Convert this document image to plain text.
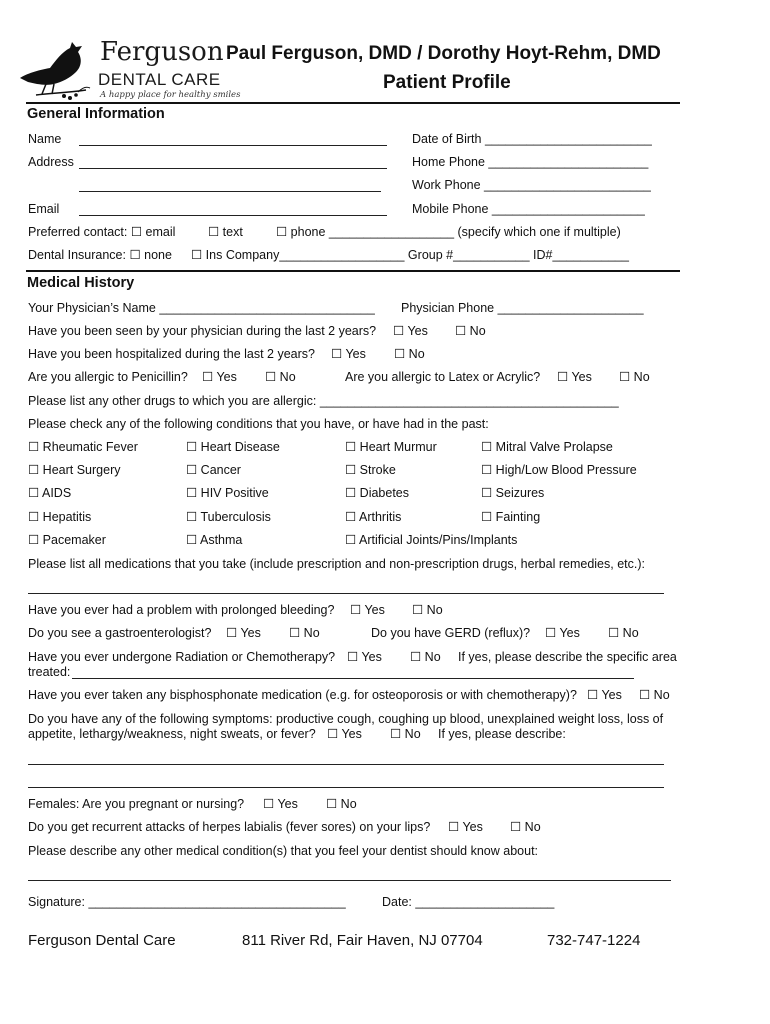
Ferguson
DENTAL CARE
A happy place for healthy smiles
Paul Ferguson, DMD / Dorothy Hoyt-Rehm, DMD
Patient Profile
General Information
Name	Date of Birth ________________________
Address	Home Phone _______________________
Work Phone ________________________
Email	Mobile Phone ______________________
Preferred contact: ☐ email	☐ text	☐ phone __________________ (specify which one if multiple)
Dental Insurance: ☐ none ☐ Ins Company__________________ Group #___________ ID#___________
Medical History
Your Physician’s Name _______________________________ Physician Phone _____________________
Have you been seen by your physician during the last 2 years? ☐ Yes ☐ No
Have you been hospitalized during the last 2 years? ☐ Yes ☐ No
Are you allergic to Penicillin? ☐ Yes ☐ No	Are you allergic to Latex or Acrylic? ☐ Yes ☐ No
Please list any other drugs to which you are allergic: ___________________________________________
Please check any of the following conditions that you have, or have had in the past:
☐ Rheumatic Fever	☐ Heart Disease	☐ Heart Murmur	☐ Mitral Valve Prolapse
☐ Heart Surgery	☐ Cancer	☐ Stroke	☐ High/Low Blood Pressure
☐ AIDS	☐ HIV Positive	☐ Diabetes	☐ Seizures
☐ Hepatitis	☐ Tuberculosis	☐ Arthritis	☐ Fainting
☐ Pacemaker	☐ Asthma	☐ Artificial Joints/Pins/Implants
Please list all medications that you take (include prescription and non-prescription drugs, herbal remedies, etc.):
Have you ever had a problem with prolonged bleeding? ☐ Yes ☐ No
Do you see a gastroenterologist? ☐ Yes ☐ No	Do you have GERD (reflux)? ☐ Yes ☐ No
Have you ever undergone Radiation or Chemotherapy? ☐ Yes ☐ No If yes, please describe the specific area
treated:
Have you ever taken any bisphosphonate medication (e.g. for osteoporosis or with chemotherapy)? ☐ Yes ☐ No
Do you have any of the following symptoms: productive cough, coughing up blood, unexplained weight loss, loss of
appetite, lethargy/weakness, night sweats, or fever? ☐ Yes ☐ No If yes, please describe:
Females: Are you pregnant or nursing? ☐ Yes ☐ No
Do you get recurrent attacks of herpes labialis (fever sores) on your lips? ☐ Yes ☐ No
Please describe any other medical condition(s) that you feel your dentist should know about:
Signature: _____________________________________	Date: ____________________
Ferguson Dental Care	811 River Rd, Fair Haven, NJ 07704	732-747-1224
